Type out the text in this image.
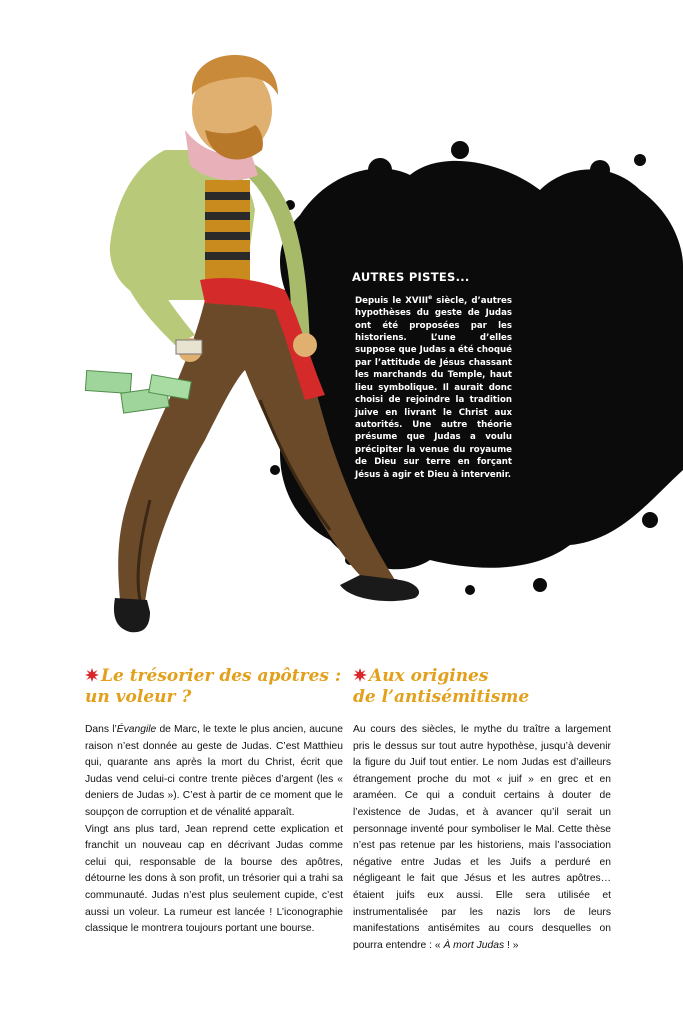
AUTRES PISTES...

Depuis le XVIIIe siècle, d’autres hypothèses du geste de Judas ont été proposées par les historiens. L’une d’elles suppose que Judas a été choqué par l’attitude de Jésus chassant les marchands du Temple, haut lieu symbolique. Il aurait donc choisi de rejoindre la tradition juive en livrant le Christ aux autorités. Une autre théorie présume que Judas a voulu précipiter la venue du royaume de Dieu sur terre en forçant Jésus à agir et Dieu à intervenir.

Le trésorier des apôtres :
un voleur ?

Dans l’Évangile de Marc, le texte le plus ancien, aucune raison n’est donnée au geste de Judas. C’est Matthieu qui, quarante ans après la mort du Christ, écrit que Judas vend celui-ci contre trente pièces d’argent (les « deniers de Judas »). C’est à partir de ce moment que le soupçon de corruption et de vénalité apparaît.

Vingt ans plus tard, Jean reprend cette explication et franchit un nouveau cap en décrivant Judas comme celui qui, responsable de la bourse des apôtres, détourne les dons à son profit, un trésorier qui a trahi sa communauté. Judas n’est plus seulement cupide, c’est aussi un voleur. La rumeur est lancée ! L’iconographie classique le montrera toujours portant une bourse.

Aux origines
de l’antisémitisme

Au cours des siècles, le mythe du traître a largement pris le dessus sur tout autre hypothèse, jusqu’à devenir la figure du Juif tout entier. Le nom Judas est d’ailleurs étrangement proche du mot « juif » en grec et en araméen. Ce qui a conduit certains à douter de l’existence de Judas, et à avancer qu’il serait un personnage inventé pour symboliser le Mal. Cette thèse n’est pas retenue par les historiens, mais l’association négative entre Judas et les Juifs a perduré en négligeant le fait que Jésus et les autres apôtres… étaient juifs eux aussi. Elle sera utilisée et instrumentalisée par les nazis lors de leurs manifestations antisémites au cours desquelles on pourra entendre : « À mort Judas ! »
